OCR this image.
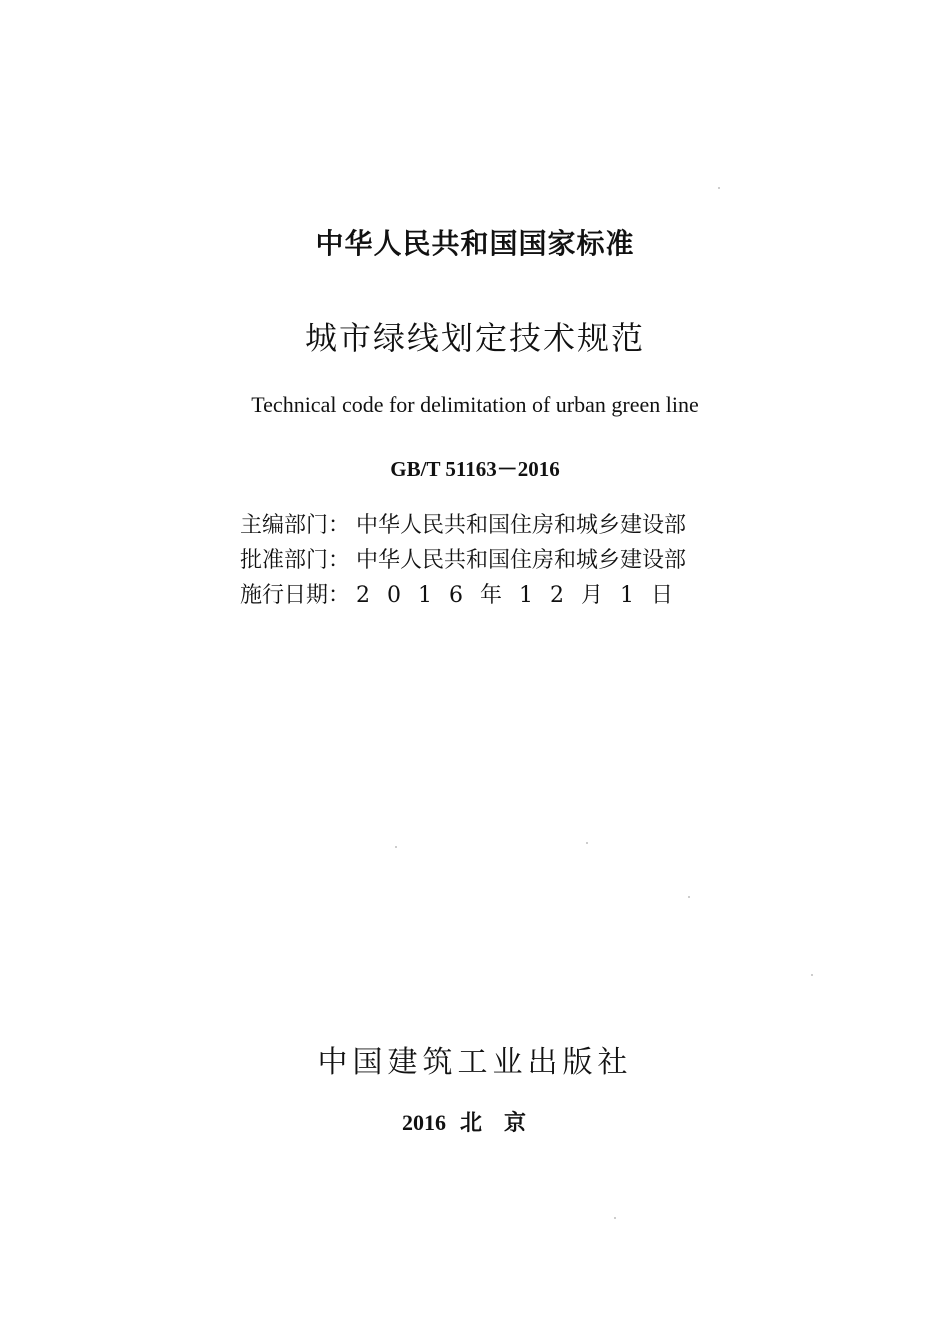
中华人民共和国国家标准
城市绿线划定技术规范
Technical code for delimitation of urban green line
GB/T 51163－2016
主编部门： 中华人民共和国住房和城乡建设部
批准部门： 中华人民共和国住房和城乡建设部
施行日期： 2016年12月1日
中国建筑工业出版社
2016 北京
